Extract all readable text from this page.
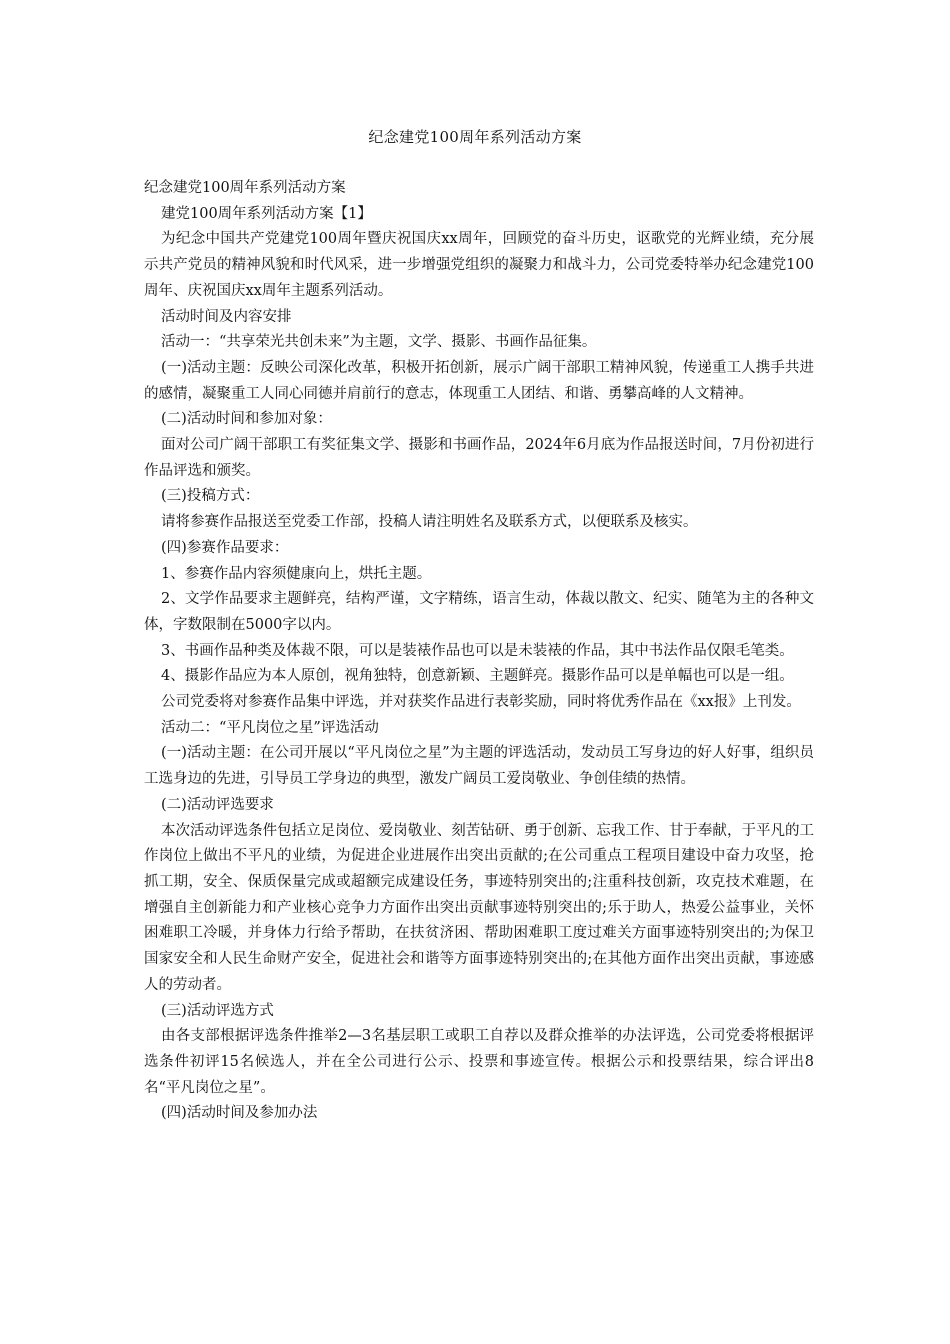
纪念建党100周年系列活动方案

纪念建党100周年系列活动方案

建党100周年系列活动方案【1】

为纪念中国共产党建党100周年暨庆祝国庆xx周年，回顾党的奋斗历史，讴歌党的光辉业绩，充分展示共产党员的精神风貌和时代风采，进一步增强党组织的凝聚力和战斗力，公司党委特举办纪念建党100周年、庆祝国庆xx周年主题系列活动。

活动时间及内容安排

活动一：“共享荣光共创未来”为主题，文学、摄影、书画作品征集。

(一)活动主题：反映公司深化改革，积极开拓创新，展示广阔干部职工精神风貌，传递重工人携手共进的感情，凝聚重工人同心同德并肩前行的意志，体现重工人团结、和谐、勇攀高峰的人文精神。

(二)活动时间和参加对象：

面对公司广阔干部职工有奖征集文学、摄影和书画作品，2024年6月底为作品报送时间，7月份初进行作品评选和颁奖。

(三)投稿方式：

请将参赛作品报送至党委工作部，投稿人请注明姓名及联系方式，以便联系及核实。

(四)参赛作品要求：

1、参赛作品内容须健康向上，烘托主题。

2、文学作品要求主题鲜亮，结构严谨，文字精练，语言生动，体裁以散文、纪实、随笔为主的各种文体，字数限制在5000字以内。

3、书画作品种类及体裁不限，可以是装裱作品也可以是未装裱的作品，其中书法作品仅限毛笔类。

4、摄影作品应为本人原创，视角独特，创意新颖、主题鲜亮。摄影作品可以是单幅也可以是一组。

公司党委将对参赛作品集中评选，并对获奖作品进行表彰奖励，同时将优秀作品在《xx报》上刊发。

活动二：“平凡岗位之星”评选活动

(一)活动主题：在公司开展以“平凡岗位之星”为主题的评选活动，发动员工写身边的好人好事，组织员工选身边的先进，引导员工学身边的典型，激发广阔员工爱岗敬业、争创佳绩的热情。

(二)活动评选要求

本次活动评选条件包括立足岗位、爱岗敬业、刻苦钻研、勇于创新、忘我工作、甘于奉献，于平凡的工作岗位上做出不平凡的业绩，为促进企业进展作出突出贡献的;在公司重点工程项目建设中奋力攻坚，抢抓工期，安全、保质保量完成或超额完成建设任务，事迹特别突出的;注重科技创新，攻克技术难题，在增强自主创新能力和产业核心竞争力方面作出突出贡献事迹特别突出的;乐于助人，热爱公益事业，关怀困难职工冷暖，并身体力行给予帮助，在扶贫济困、帮助困难职工度过难关方面事迹特别突出的;为保卫国家安全和人民生命财产安全，促进社会和谐等方面事迹特别突出的;在其他方面作出突出贡献，事迹感人的劳动者。

(三)活动评选方式

由各支部根据评选条件推举2—3名基层职工或职工自荐以及群众推举的办法评选，公司党委将根据评选条件初评15名候选人，并在全公司进行公示、投票和事迹宣传。根据公示和投票结果，综合评出8名“平凡岗位之星”。

(四)活动时间及参加办法
